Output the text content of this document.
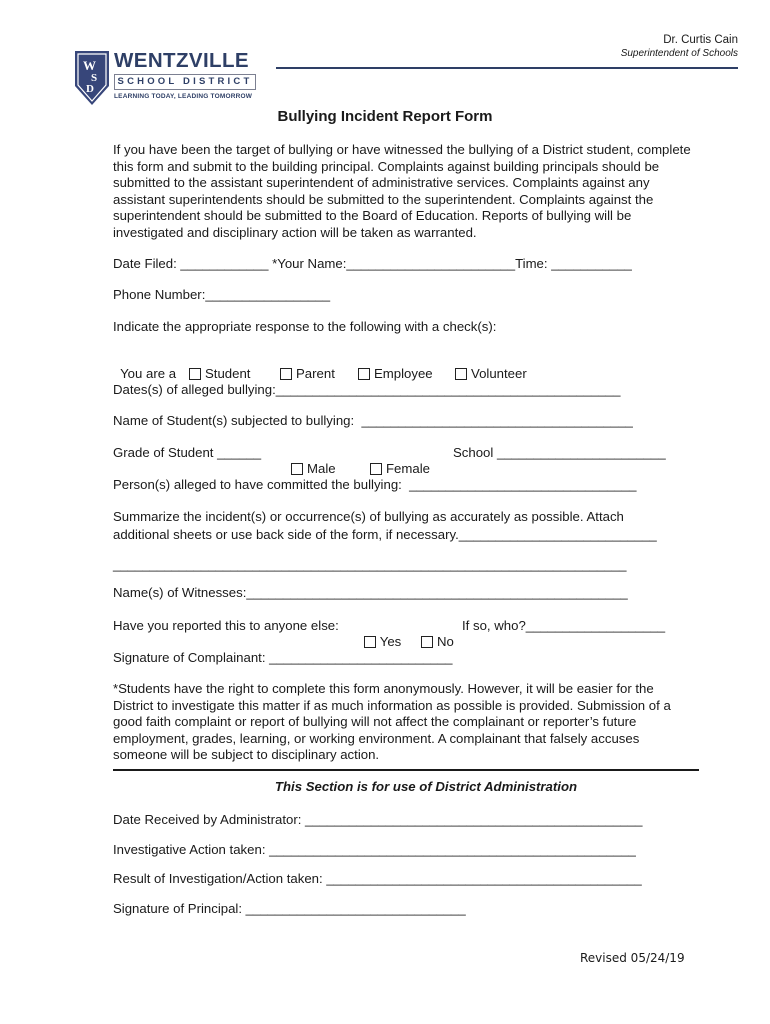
W
S
D
WENTZVILLE
SCHOOL DISTRICT
LEARNING TODAY, LEADING TOMORROW
Dr. Curtis Cain
Superintendent of Schools
Bullying Incident Report Form
If you have been the target of bullying or have witnessed the bullying of a District student, complete this form and submit to the building principal. Complaints against building principals should be submitted to the assistant superintendent of administrative services. Complaints against any assistant superintendents should be submitted to the superintendent. Complaints against the superintendent should be submitted to the Board of Education. Reports of bullying will be investigated and disciplinary action will be taken as warranted.
Date Filed: ____________ *Your Name:_______________________Time: ___________
Phone Number:_________________
Indicate the appropriate response to the following with a check(s):

You are a	Student	Parent	Employee	Volunteer

Dates(s) of alleged bullying:_______________________________________________
Name of Student(s) subjected to bullying:  _____________________________________
Grade of Student ______

Male	Female

School _______________________
Person(s) alleged to have committed the bullying:  _______________________________
Summarize the incident(s) or occurrence(s) of bullying as accurately as possible. Attach
additional sheets or use back side of the form, if necessary.___________________________
______________________________________________________________________
Name(s) of Witnesses:____________________________________________________
Have you reported this to anyone else:

Yes	No

If so, who?___________________
Signature of Complainant: _________________________
*Students have the right to complete this form anonymously. However, it will be easier for the District to investigate this matter if as much information as possible is provided. Submission of a good faith complaint or report of bullying will not affect the complainant or reporter’s future employment, grades, learning, or working environment. A complainant that falsely accuses someone will be subject to disciplinary action.
This Section is for use of District Administration
Date Received by Administrator: ______________________________________________
Investigative Action taken: __________________________________________________
Result of Investigation/Action taken: ___________________________________________
Signature of Principal: ______________________________
Revised 05/24/19
